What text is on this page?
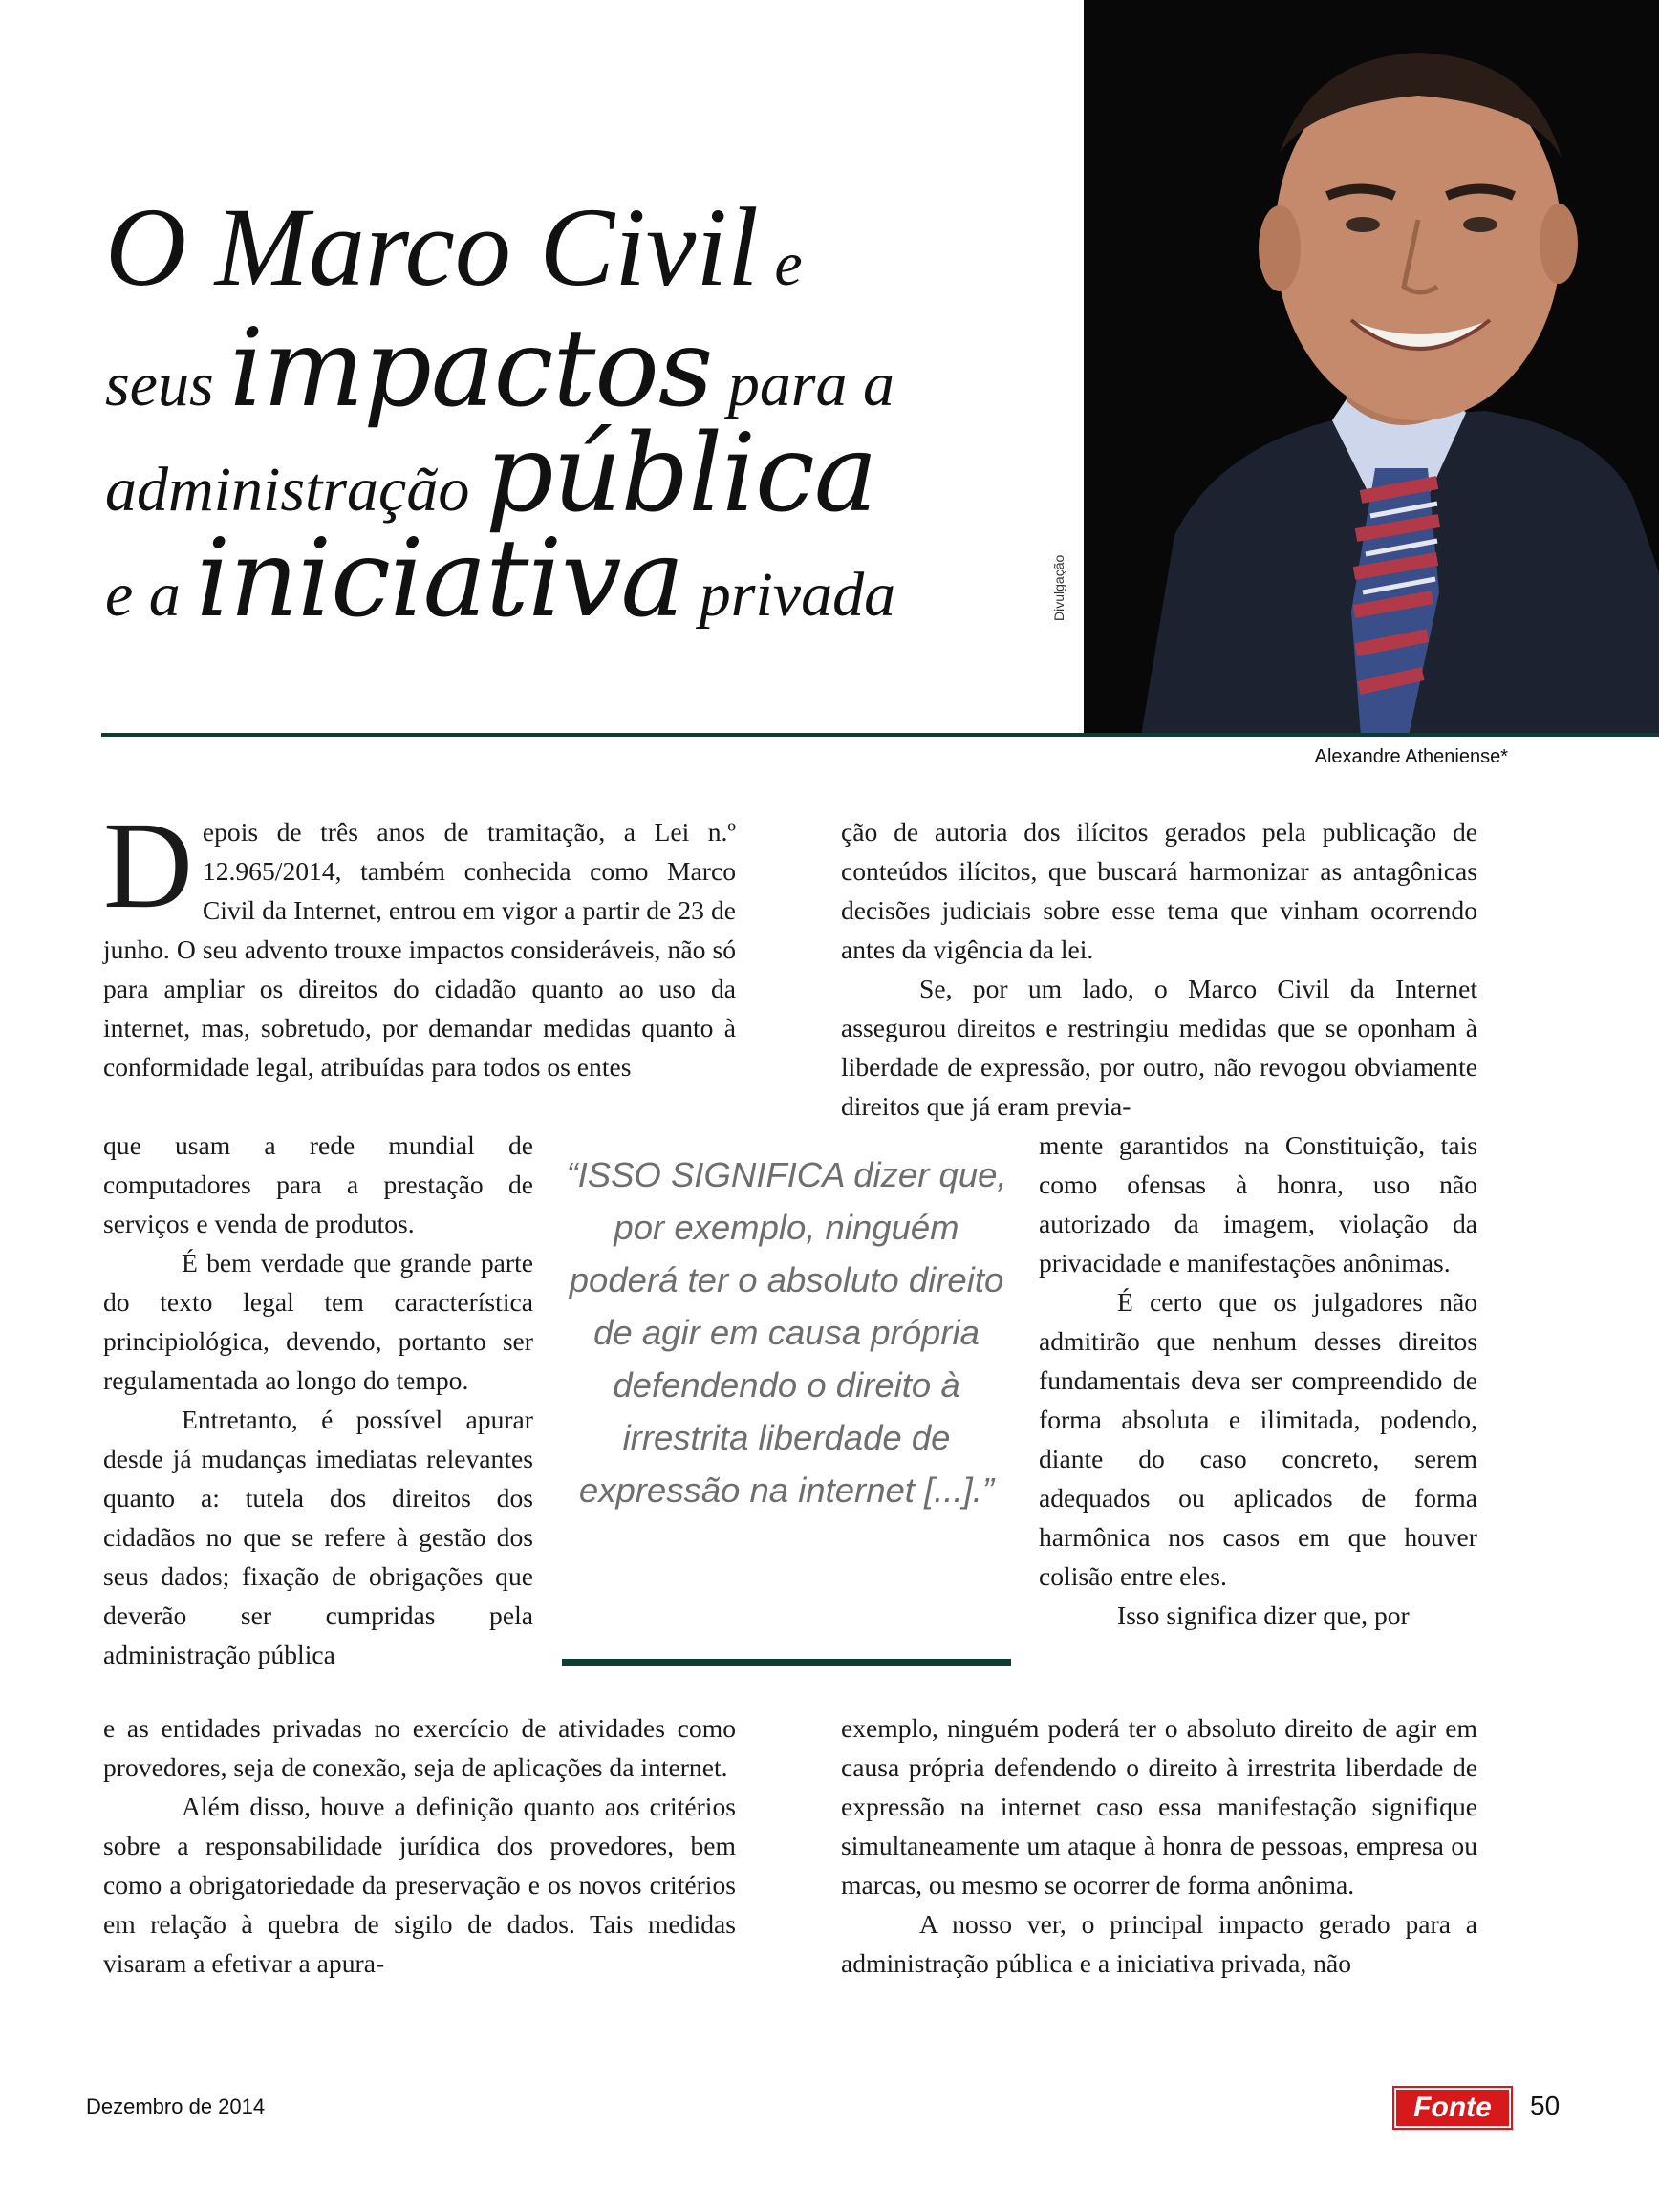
O Marco Civil e
seus impactos para a
administração pública
e a iniciativa privada	Divulgação
Alexandre Atheniense*

Depois de três anos de tramitação, a Lei n.º 12.965/2014, também conhecida como Marco Civil da Internet, entrou em vigor a partir de 23 de junho. O seu advento trouxe impactos consideráveis, não só para ampliar os direitos do cidadão quanto ao uso da internet, mas, sobretudo, por demandar medidas quanto à conformidade legal, atribuídas para todos os entes

que usam a rede mundial de computadores para a prestação de serviços e venda de produtos.

É bem verdade que grande parte do texto legal tem característica principiológica, devendo, portanto ser regulamentada ao longo do tempo.

Entretanto, é possível apurar desde já mudanças imediatas relevantes quanto a: tutela dos direitos dos cidadãos no que se refere à gestão dos seus dados; fixação de obrigações que deverão ser cumpridas pela administração pública

e as entidades privadas no exercício de atividades como provedores, seja de conexão, seja de aplicações da internet.

Além disso, houve a definição quanto aos critérios sobre a responsabilidade jurídica dos provedores, bem como a obrigatoriedade da preservação e os novos critérios em relação à quebra de sigilo de dados. Tais medidas visaram a efetivar a apura-

ção de autoria dos ilícitos gerados pela publicação de conteúdos ilícitos, que buscará harmonizar as antagônicas decisões judiciais sobre esse tema que vinham ocorrendo antes da vigência da lei.

Se, por um lado, o Marco Civil da Internet assegurou direitos e restringiu medidas que se oponham à liberdade de expressão, por outro, não revogou obviamente direitos que já eram previa-

mente garantidos na Constituição, tais como ofensas à honra, uso não autorizado da imagem, violação da privacidade e manifestações anônimas.

É certo que os julgadores não admitirão que nenhum desses direitos fundamentais deva ser compreendido de forma absoluta e ilimitada, podendo, diante do caso concreto, serem adequados ou aplicados de forma harmônica nos casos em que houver colisão entre eles.

Isso significa dizer que, por

exemplo, ninguém poderá ter o absoluto direito de agir em causa própria defendendo o direito à irrestrita liberdade de expressão na internet caso essa manifestação signifique simultaneamente um ataque à honra de pessoas, empresa ou marcas, ou mesmo se ocorrer de forma anônima.

A nosso ver, o principal impacto gerado para a administração pública e a iniciativa privada, não

“ISSO SIGNIFICA dizer que, por exemplo, ninguém poderá ter o absoluto direito de agir em causa própria defendendo o direito à irrestrita liberdade de expressão na internet [...].”
Dezembro de 2014	Fonte	50
